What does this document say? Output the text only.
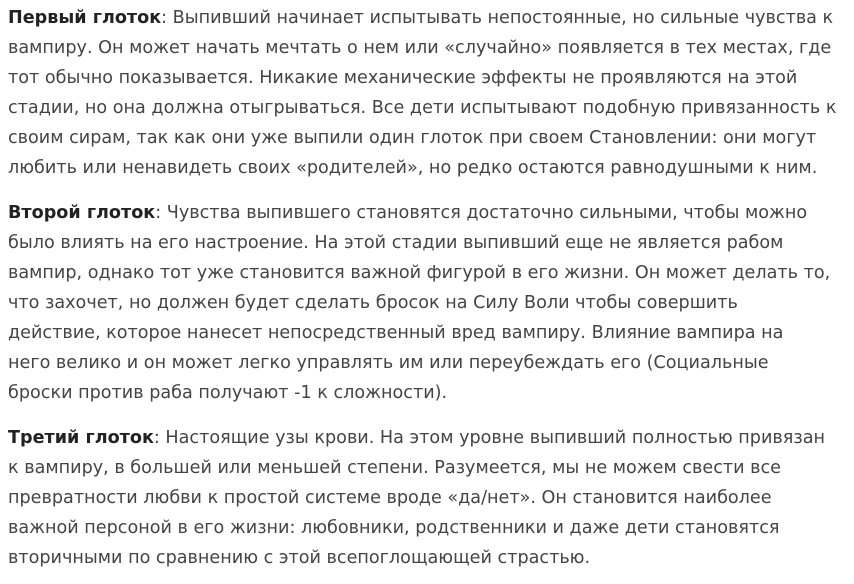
Первый глоток: Выпивший начинает испытывать непостоянные, но сильные чувства к
вампиру. Он может начать мечтать о нем или «случайно» появляется в тех местах, где
тот обычно показывается. Никакие механические эффекты не проявляются на этой
стадии, но она должна отыгрываться. Все дети испытывают подобную привязанность к
своим сирам, так как они уже выпили один глоток при своем Становлении: они могут
любить или ненавидеть своих «родителей», но редко остаются равнодушными к ним.

Второй глоток: Чувства выпившего становятся достаточно сильными, чтобы можно
было влиять на его настроение. На этой стадии выпивший еще не является рабом
вампир, однако тот уже становится важной фигурой в его жизни. Он может делать то,
что захочет, но должен будет сделать бросок на Силу Воли чтобы совершить
действие, которое нанесет непосредственный вред вампиру. Влияние вампира на
него велико и он может легко управлять им или переубеждать его (Социальные
броски против раба получают -1 к сложности).

Третий глоток: Настоящие узы крови. На этом уровне выпивший полностью привязан
к вампиру, в большей или меньшей степени. Разумеется, мы не можем свести все
превратности любви к простой системе вроде «да/нет». Он становится наиболее
важной персоной в его жизни: любовники, родственники и даже дети становятся
вторичными по сравнению с этой всепоглощающей страстью.
